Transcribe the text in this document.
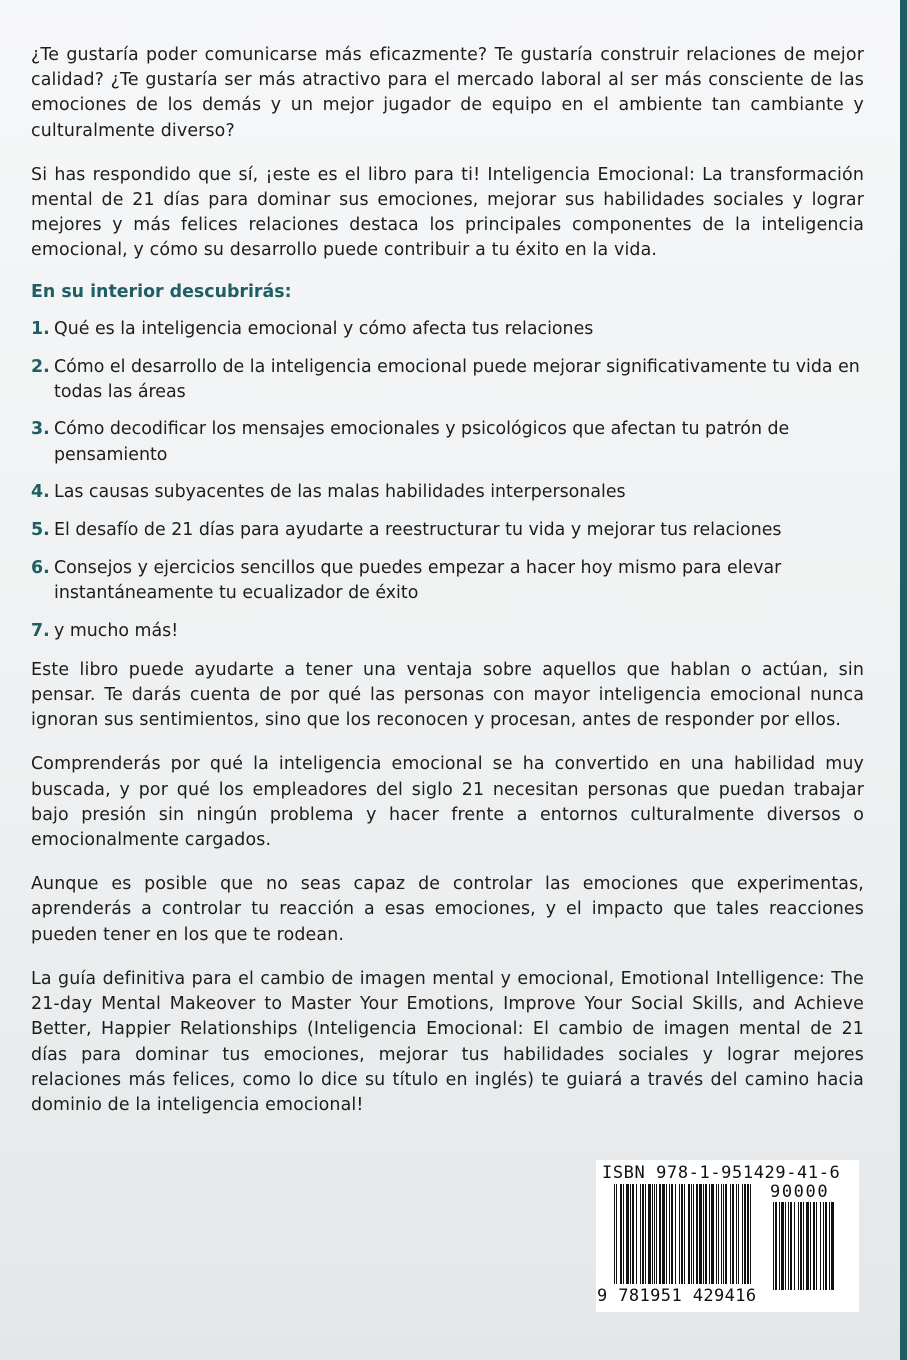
¿Te gustaría poder comunicarse más eficazmente? Te gustaría construir relaciones de mejor calidad? ¿Te gustaría ser más atractivo para el mercado laboral al ser más consciente de las emociones de los demás y un mejor jugador de equipo en el ambiente tan cambiante y culturalmente diverso?

Si has respondido que sí, ¡este es el libro para ti! Inteligencia Emocional: La transformación mental de 21 días para dominar sus emociones, mejorar sus habilidades sociales y lograr mejores y más felices relaciones destaca los principales componentes de la inteligencia emocional, y cómo su desarrollo puede contribuir a tu éxito en la vida.

En su interior descubrirás:
1. Qué es la inteligencia emocional y cómo afecta tus relaciones
2. Cómo el desarrollo de la inteligencia emocional puede mejorar significativamente tu vida en todas las áreas
3. Cómo decodificar los mensajes emocionales y psicológicos que afectan tu patrón de pensamiento
4. Las causas subyacentes de las malas habilidades interpersonales
5. El desafío de 21 días para ayudarte a reestructurar tu vida y mejorar tus relaciones
6. Consejos y ejercicios sencillos que puedes empezar a hacer hoy mismo para elevar instantáneamente tu ecualizador de éxito
7. y mucho más!

Este libro puede ayudarte a tener una ventaja sobre aquellos que hablan o actúan, sin pensar. Te darás cuenta de por qué las personas con mayor inteligencia emocional nunca ignoran sus sentimientos, sino que los reconocen y procesan, antes de responder por ellos.

Comprenderás por qué la inteligencia emocional se ha convertido en una habilidad muy buscada, y por qué los empleadores del siglo 21 necesitan personas que puedan trabajar bajo presión sin ningún problema y hacer frente a entornos culturalmente diversos o emocionalmente cargados.

Aunque es posible que no seas capaz de controlar las emociones que experimentas, aprenderás a controlar tu reacción a esas emociones, y el impacto que tales reacciones pueden tener en los que te rodean.

La guía definitiva para el cambio de imagen mental y emocional, Emotional Intelligence: The 21-day Mental Makeover to Master Your Emotions, Improve Your Social Skills, and Achieve Better, Happier Relationships (Inteligencia Emocional: El cambio de imagen mental de 21 días para dominar tus emociones, mejorar tus habilidades sociales y lograr mejores relaciones más felices, como lo dice su título en inglés) te guiará a través del camino hacia dominio de la inteligencia emocional!

ISBN 978-1-951429-41-6
90000
9 781951 429416
